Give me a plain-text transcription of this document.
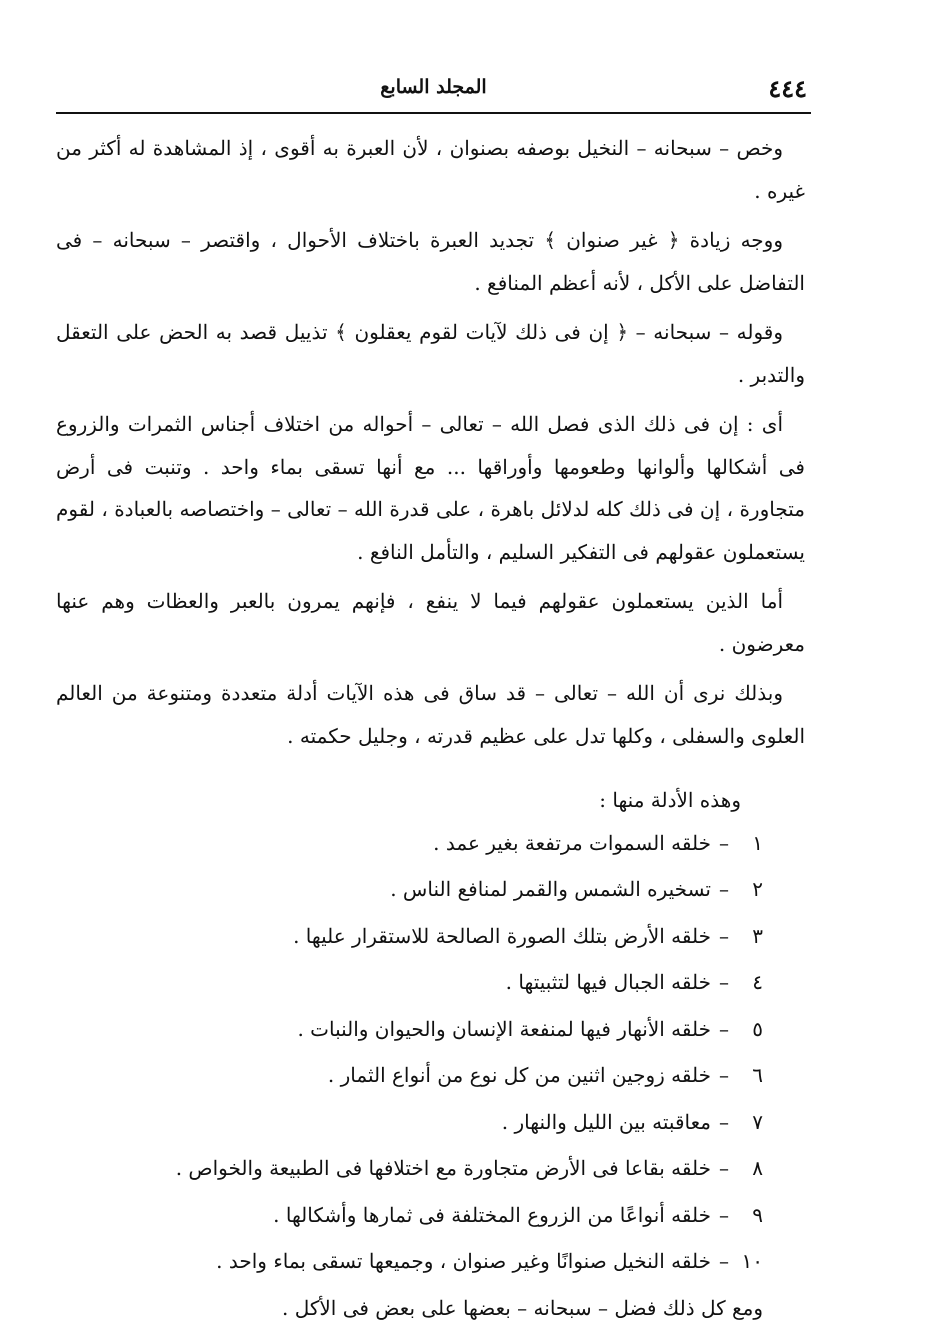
٤٤٤
المجلد السابع

وخص – سبحانه – النخيل بوصفه بصنوان ، لأن العبرة به أقوى ، إذ المشاهدة له أكثر من غيره .

ووجه زيادة ﴿ غير صنوان ﴾ تجديد العبرة باختلاف الأحوال ، واقتصر – سبحانه – فى التفاضل على الأكل ، لأنه أعظم المنافع .

وقوله – سبحانه – ﴿ إن فى ذلك لآيات لقوم يعقلون ﴾ تذييل قصد به الحض على التعقل والتدبر .

أى : إن فى ذلك الذى فصل الله – تعالى – أحواله من اختلاف أجناس الثمرات والزروع فى أشكالها وألوانها وطعومها وأوراقها ... مع أنها تسقى بماء واحد . وتنبت فى أرض متجاورة ، إن فى ذلك كله لدلائل باهرة ، على قدرة الله – تعالى – واختصاصه بالعبادة ، لقوم يستعملون عقولهم فى التفكير السليم ، والتأمل النافع .

أما الذين يستعملون عقولهم فيما لا ينفع ، فإنهم يمرون بالعبر والعظات وهم عنها معرضون .

وبذلك نرى أن الله – تعالى – قد ساق فى هذه الآيات أدلة متعددة ومتنوعة من العالم العلوى والسفلى ، وكلها تدل على عظيم قدرته ، وجليل حكمته .

وهذه الأدلة منها :

١–خلقه السموات مرتفعة بغير عمد .
٢–تسخيره الشمس والقمر لمنافع الناس .
٣–خلقه الأرض بتلك الصورة الصالحة للاستقرار عليها .
٤–خلقه الجبال فيها لتثبيتها .
٥–خلقه الأنهار فيها لمنفعة الإنسان والحيوان والنبات .
٦–خلقه زوجين اثنين من كل نوع من أنواع الثمار .
٧–معاقبته بين الليل والنهار .
٨–خلقه بقاعا فى الأرض متجاورة مع اختلافها فى الطبيعة والخواص .
٩–خلقه أنواعًا من الزروع المختلفة فى ثمارها وأشكالها .
١٠–خلقه النخيل صنوانًا وغير صنوان ، وجميعها تسقى بماء واحد .

ومع كل ذلك فضل – سبحانه – بعضها على بعض فى الأكل .
